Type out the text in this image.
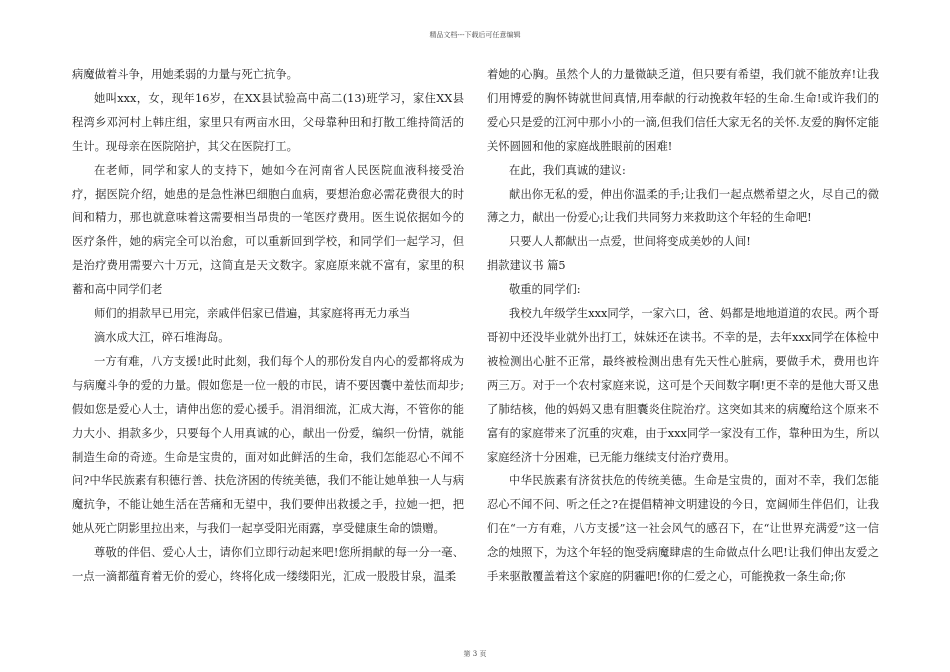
精品文档---下载后可任意编辑

病魔做着斗争，用她柔弱的力量与死亡抗争。

她叫xxx，女，现年16岁，在XX县试验高中高二(13)班学习，家住XX县程湾乡邓河村上韩庄组，家里只有两亩水田，父母靠种田和打散工维持简活的生计。现母亲在医院陪护，其父在医院打工。

在老师，同学和家人的支持下，她如今在河南省人民医院血液科接受治疗，据医院介绍，她患的是急性淋巴细胞白血病，要想治愈必需花费很大的时间和精力，那也就意味着这需要相当昂贵的一笔医疗费用。医生说依据如今的医疗条件，她的病完全可以治愈，可以重新回到学校，和同学们一起学习，但是治疗费用需要六十万元，这简直是天文数字。家庭原来就不富有，家里的积蓄和高中同学们老

师们的捐款早已用完，亲戚伴侣家已借遍，其家庭将再无力承当

滴水成大江，碎石堆海岛。

一方有难，八方支援!此时此刻，我们每个人的那份发自内心的爱都将成为与病魔斗争的爱的力量。假如您是一位一般的市民，请不要因囊中羞怯而却步;假如您是爱心人士，请伸出您的爱心援手。涓涓细流，汇成大海，不管你的能力大小、捐款多少，只要每个人用真诚的心，献出一份爱，编织一份情，就能制造生命的奇迹。生命是宝贵的，面对如此鲜活的生命，我们怎能忍心不闻不问?中华民族素有积德行善、扶危济困的传统美德，我们不能让她单独一人与病魔抗争，不能让她生活在苦痛和无望中，我们要伸出救援之手，拉她一把，把她从死亡阴影里拉出来，与我们一起享受阳光雨露，享受健康生命的馈赠。

尊敬的伴侣、爱心人士，请你们立即行动起来吧!您所捐献的每一分一毫、一点一滴都蕴育着无价的爱心，终将化成一缕缕阳光，汇成一股股甘泉，温柔

着她的心胸。虽然个人的力量微缺乏道，但只要有希望，我们就不能放弃!让我们用博爱的胸怀铸就世间真情,用奉献的行动挽救年轻的生命.生命!或许我们的爱心只是爱的江河中那小小的一滴,但我们信任大家无名的关怀.友爱的胸怀定能关怀圆圆和他的家庭战胜眼前的困难!

在此，我们真诚的建议:

献出你无私的爱，伸出你温柔的手;让我们一起点燃希望之火，尽自己的微薄之力，献出一份爱心;让我们共同努力来救助这个年轻的生命吧!

只要人人都献出一点爱，世间将变成美妙的人间!

捐款建议书 篇5

敬重的同学们:

我校九年级学生xxx同学，一家六口，爸、妈都是地地道道的农民。两个哥哥初中还没毕业就外出打工，妹妹还在读书。不幸的是，去年xxx同学在体检中被检测出心脏不正常，最终被检测出患有先天性心脏病，要做手术，费用也许两三万。对于一个农村家庭来说，这可是个天间数字啊!更不幸的是他大哥又患了肺结核，他的妈妈又患有胆囊炎住院治疗。这突如其来的病魔给这个原来不富有的家庭带来了沉重的灾难，由于xxx同学一家没有工作，靠种田为生，所以家庭经济十分困难，已无能力继续支付治疗费用。

中华民族素有济贫扶危的传统美德。生命是宝贵的，面对不幸，我们怎能忍心不闻不问、听之任之?在提倡精神文明建设的今日，宽阔师生伴侣们，让我们在“一方有难，八方支援”这一社会风气的感召下，在“让世界充满爱”这一信念的烛照下，为这个年轻的饱受病魔肆虐的生命做点什么吧!让我们伸出友爱之手来驱散覆盖着这个家庭的阴霾吧!你的仁爱之心，可能挽救一条生命;你

第 3 页
